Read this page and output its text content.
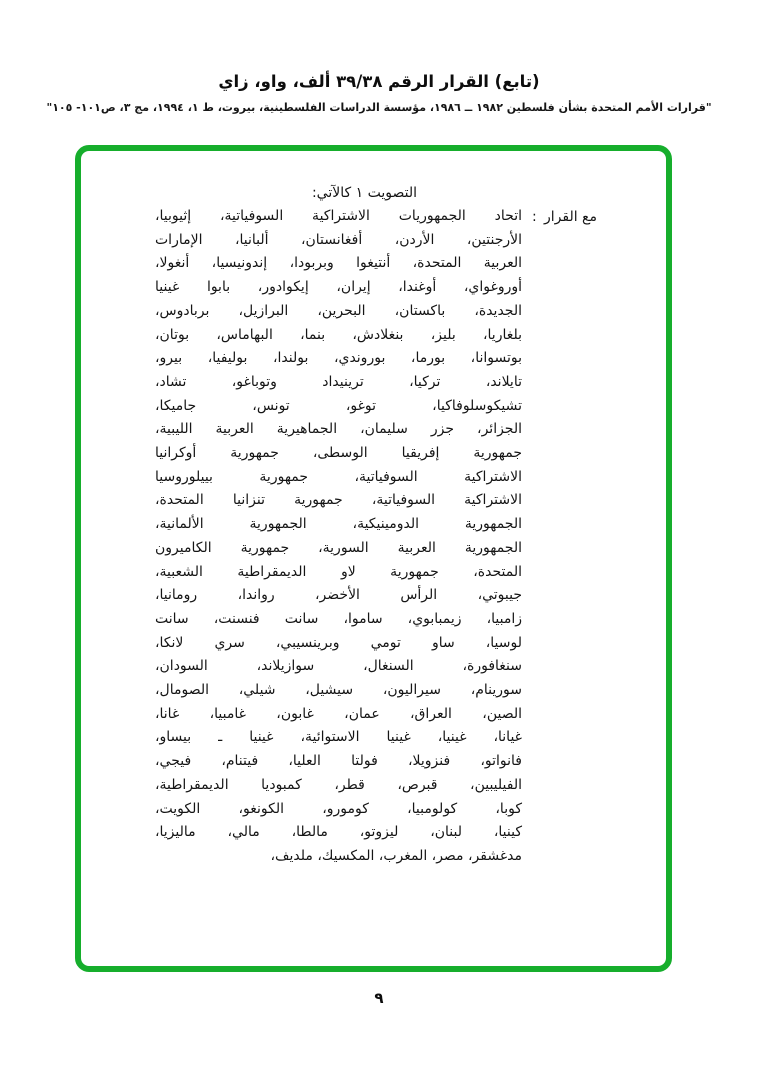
(تابع) القرار الرقم ٣٩/٣٨ ألف، واو، زاي
"قرارات الأمم المتحدة بشأن فلسطين ١٩٨٢ ــ ١٩٨٦، مؤسسة الدراسات الفلسطينية، بيروت، ط ١، ١٩٩٤، مج ٣، ص١٠١- ١٠٥"
التصويت ١ كالآتي:
مع القرار
:
اتحاد الجمهوريات الاشتراكية السوفياتية، إثيوبيا،
الأرجنتين، الأردن، أفغانستان، ألبانيا، الإمارات
العربية المتحدة، أنتيغوا وبربودا، إندونيسيا، أنغولا،
أوروغواي، أوغندا، إيران، إيكوادور، بابوا غينيا
الجديدة، باكستان، البحرين، البرازيل، بربادوس،
بلغاريا، بليز، بنغلادش، بنما، البهاماس، بوتان،
بوتسوانا، بورما، بوروندي، بولندا، بوليفيا، بيرو،
تايلاند، تركيا، ترينيداد وتوباغو، تشاد،
تشيكوسلوفاكيا، توغو، تونس، جاميكا،
الجزائر، جزر سليمان، الجماهيرية العربية الليبية،
جمهورية إفريقيا الوسطى، جمهورية أوكرانيا
الاشتراكية السوفياتية، جمهورية بييلوروسيا
الاشتراكية السوفياتية، جمهورية تنزانيا المتحدة،
الجمهورية الدومينيكية، الجمهورية الألمانية،
الجمهورية العربية السورية، جمهورية الكاميرون
المتحدة، جمهورية لاو الديمقراطية الشعبية،
جيبوتي، الرأس الأخضر، رواندا، رومانيا،
زامبيا، زيمبابوي، ساموا، سانت فنسنت، سانت
لوسيا، ساو تومي وبرينسيبي، سري لانكا،
سنغافورة، السنغال، سوازيلاند، السودان،
سورينام، سيراليون، سيشيل، شيلي، الصومال،
الصين، العراق، عمان، غابون، غامبيا، غانا،
غيانا، غينيا، غينيا الاستوائية، غينيا ـ بيساو،
فانواتو، فنزويلا، فولتا العليا، فيتنام، فيجي،
الفيليبين، قبرص، قطر، كمبوديا الديمقراطية،
كوبا، كولومبيا، كومورو، الكونغو، الكويت،
كينيا، لبنان، ليزوتو، مالطا، مالي، ماليزيا،
مدغشقر، مصر، المغرب، المكسيك، ملديف،
٩
